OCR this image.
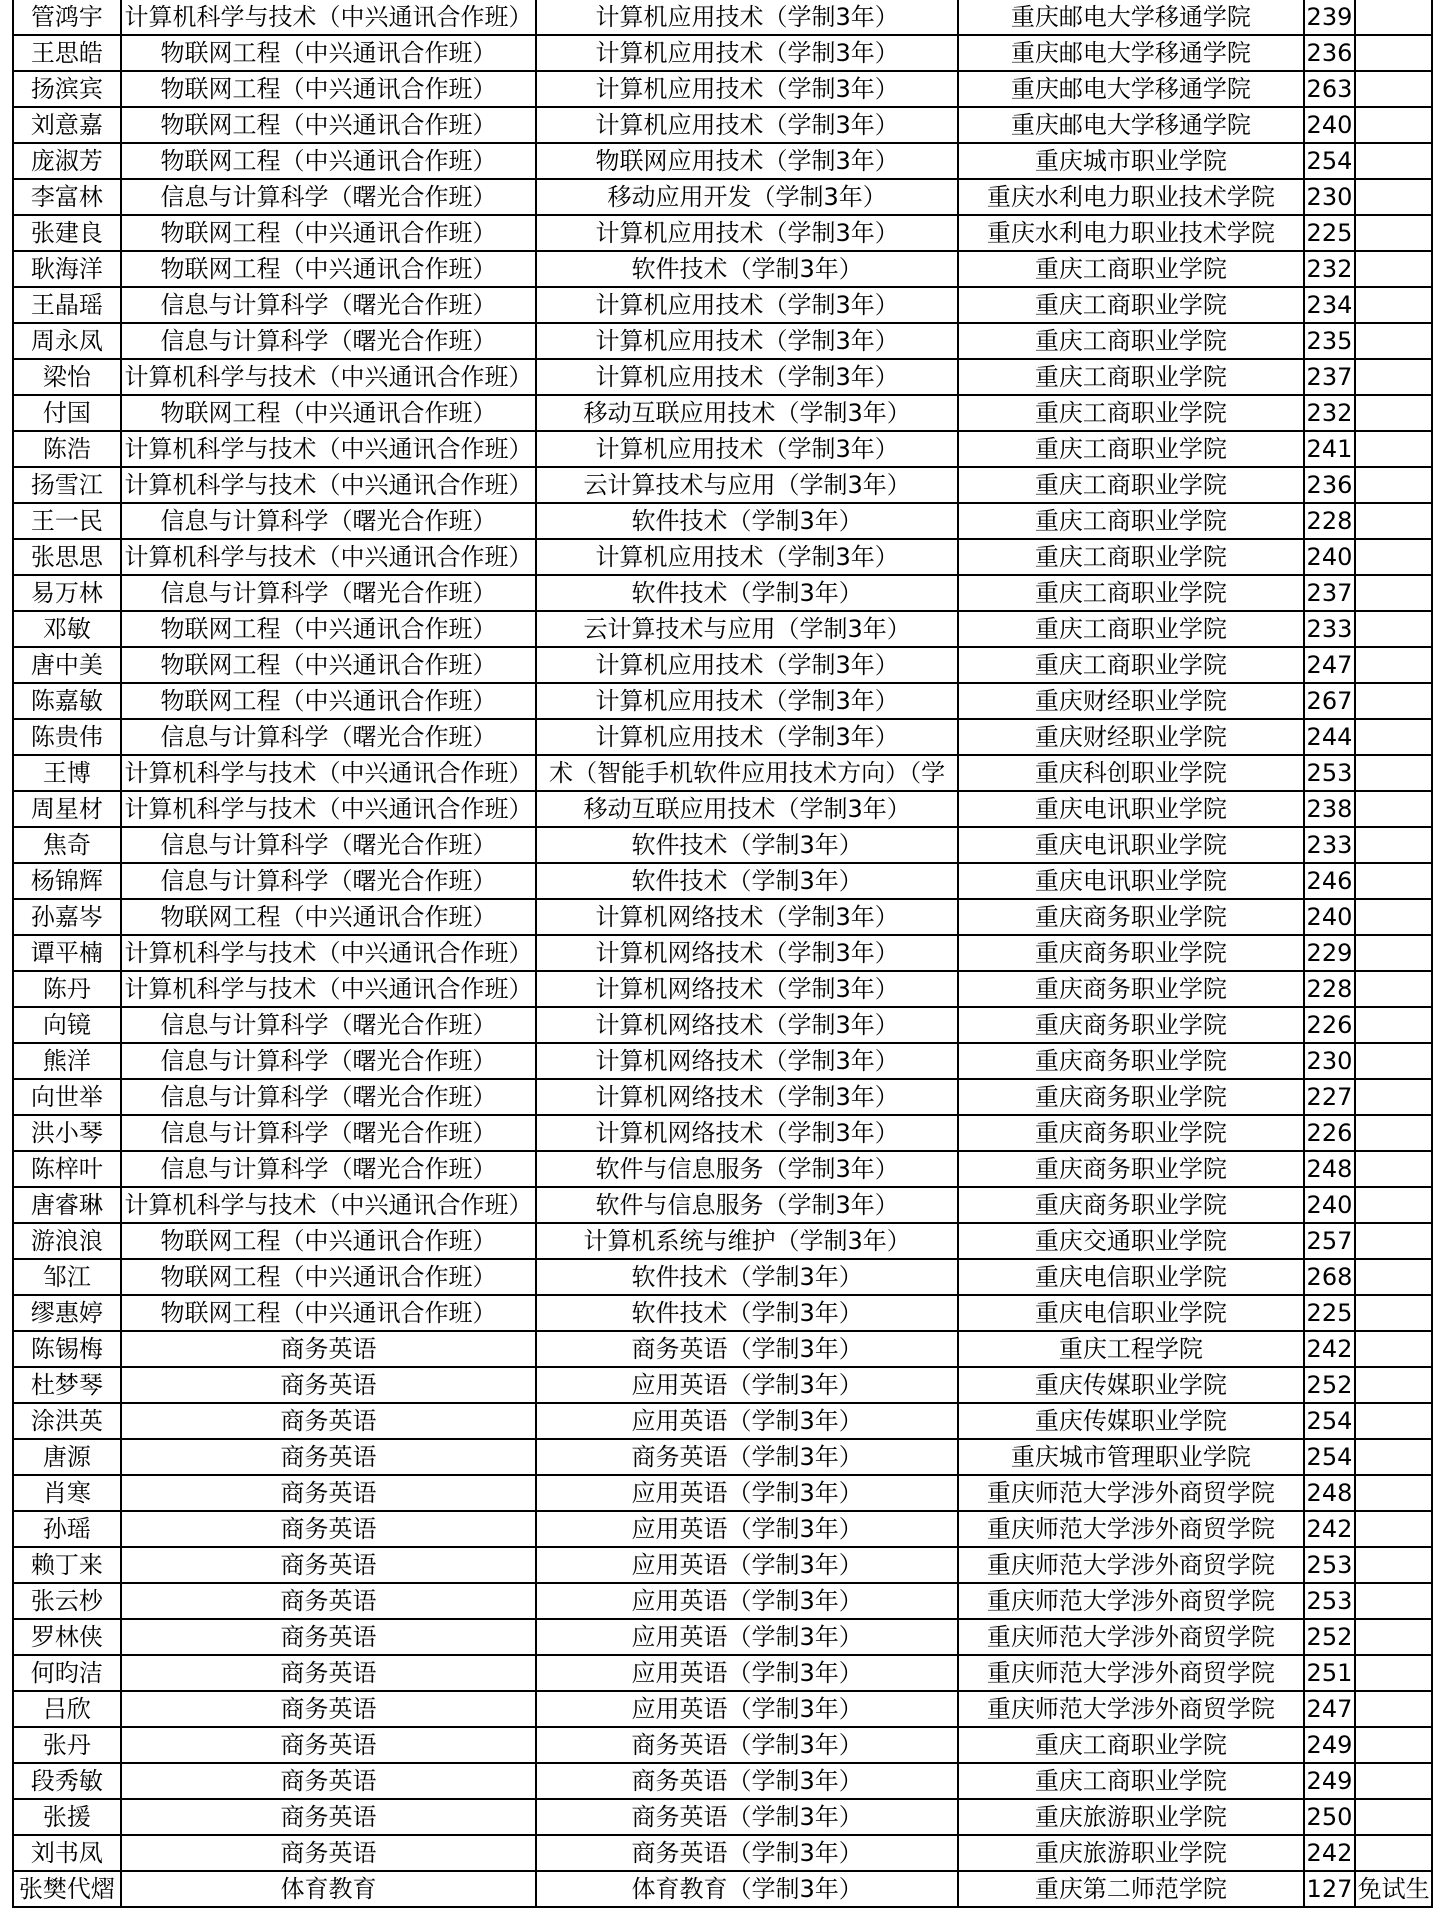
管鸿宇	计算机科学与技术（中兴通讯合作班）	计算机应用技术（学制3年）	重庆邮电大学移通学院	239	
王思皓	物联网工程（中兴通讯合作班）	计算机应用技术（学制3年）	重庆邮电大学移通学院	236	
扬滨宾	物联网工程（中兴通讯合作班）	计算机应用技术（学制3年）	重庆邮电大学移通学院	263	
刘意嘉	物联网工程（中兴通讯合作班）	计算机应用技术（学制3年）	重庆邮电大学移通学院	240	
庞淑芳	物联网工程（中兴通讯合作班）	物联网应用技术（学制3年）	重庆城市职业学院	254	
李富林	信息与计算科学（曙光合作班）	移动应用开发（学制3年）	重庆水利电力职业技术学院	230	
张建良	物联网工程（中兴通讯合作班）	计算机应用技术（学制3年）	重庆水利电力职业技术学院	225	
耿海洋	物联网工程（中兴通讯合作班）	软件技术（学制3年）	重庆工商职业学院	232	
王晶瑶	信息与计算科学（曙光合作班）	计算机应用技术（学制3年）	重庆工商职业学院	234	
周永凤	信息与计算科学（曙光合作班）	计算机应用技术（学制3年）	重庆工商职业学院	235	
梁怡	计算机科学与技术（中兴通讯合作班）	计算机应用技术（学制3年）	重庆工商职业学院	237	
付国	物联网工程（中兴通讯合作班）	移动互联应用技术（学制3年）	重庆工商职业学院	232	
陈浩	计算机科学与技术（中兴通讯合作班）	计算机应用技术（学制3年）	重庆工商职业学院	241	
扬雪江	计算机科学与技术（中兴通讯合作班）	云计算技术与应用（学制3年）	重庆工商职业学院	236	
王一民	信息与计算科学（曙光合作班）	软件技术（学制3年）	重庆工商职业学院	228	
张思思	计算机科学与技术（中兴通讯合作班）	计算机应用技术（学制3年）	重庆工商职业学院	240	
易万林	信息与计算科学（曙光合作班）	软件技术（学制3年）	重庆工商职业学院	237	
邓敏	物联网工程（中兴通讯合作班）	云计算技术与应用（学制3年）	重庆工商职业学院	233	
唐中美	物联网工程（中兴通讯合作班）	计算机应用技术（学制3年）	重庆工商职业学院	247	
陈嘉敏	物联网工程（中兴通讯合作班）	计算机应用技术（学制3年）	重庆财经职业学院	267	
陈贵伟	信息与计算科学（曙光合作班）	计算机应用技术（学制3年）	重庆财经职业学院	244	
王博	计算机科学与技术（中兴通讯合作班）	术（智能手机软件应用技术方向）（学	重庆科创职业学院	253	
周星材	计算机科学与技术（中兴通讯合作班）	移动互联应用技术（学制3年）	重庆电讯职业学院	238	
焦奇	信息与计算科学（曙光合作班）	软件技术（学制3年）	重庆电讯职业学院	233	
杨锦辉	信息与计算科学（曙光合作班）	软件技术（学制3年）	重庆电讯职业学院	246	
孙嘉岑	物联网工程（中兴通讯合作班）	计算机网络技术（学制3年）	重庆商务职业学院	240	
谭平楠	计算机科学与技术（中兴通讯合作班）	计算机网络技术（学制3年）	重庆商务职业学院	229	
陈丹	计算机科学与技术（中兴通讯合作班）	计算机网络技术（学制3年）	重庆商务职业学院	228	
向镜	信息与计算科学（曙光合作班）	计算机网络技术（学制3年）	重庆商务职业学院	226	
熊洋	信息与计算科学（曙光合作班）	计算机网络技术（学制3年）	重庆商务职业学院	230	
向世举	信息与计算科学（曙光合作班）	计算机网络技术（学制3年）	重庆商务职业学院	227	
洪小琴	信息与计算科学（曙光合作班）	计算机网络技术（学制3年）	重庆商务职业学院	226	
陈梓叶	信息与计算科学（曙光合作班）	软件与信息服务（学制3年）	重庆商务职业学院	248	
唐睿琳	计算机科学与技术（中兴通讯合作班）	软件与信息服务（学制3年）	重庆商务职业学院	240	
游浪浪	物联网工程（中兴通讯合作班）	计算机系统与维护（学制3年）	重庆交通职业学院	257	
邹江	物联网工程（中兴通讯合作班）	软件技术（学制3年）	重庆电信职业学院	268	
缪惠婷	物联网工程（中兴通讯合作班）	软件技术（学制3年）	重庆电信职业学院	225	
陈锡梅	商务英语	商务英语（学制3年）	重庆工程学院	242	
杜梦琴	商务英语	应用英语（学制3年）	重庆传媒职业学院	252	
涂洪英	商务英语	应用英语（学制3年）	重庆传媒职业学院	254	
唐源	商务英语	商务英语（学制3年）	重庆城市管理职业学院	254	
肖寒	商务英语	应用英语（学制3年）	重庆师范大学涉外商贸学院	248	
孙瑶	商务英语	应用英语（学制3年）	重庆师范大学涉外商贸学院	242	
赖丁来	商务英语	应用英语（学制3年）	重庆师范大学涉外商贸学院	253	
张云杪	商务英语	应用英语（学制3年）	重庆师范大学涉外商贸学院	253	
罗林侠	商务英语	应用英语（学制3年）	重庆师范大学涉外商贸学院	252	
何昀洁	商务英语	应用英语（学制3年）	重庆师范大学涉外商贸学院	251	
吕欣	商务英语	应用英语（学制3年）	重庆师范大学涉外商贸学院	247	
张丹	商务英语	商务英语（学制3年）	重庆工商职业学院	249	
段秀敏	商务英语	商务英语（学制3年）	重庆工商职业学院	249	
张援	商务英语	商务英语（学制3年）	重庆旅游职业学院	250	
刘书凤	商务英语	商务英语（学制3年）	重庆旅游职业学院	242	
张樊代熠	体育教育	体育教育（学制3年）	重庆第二师范学院	127	免试生
